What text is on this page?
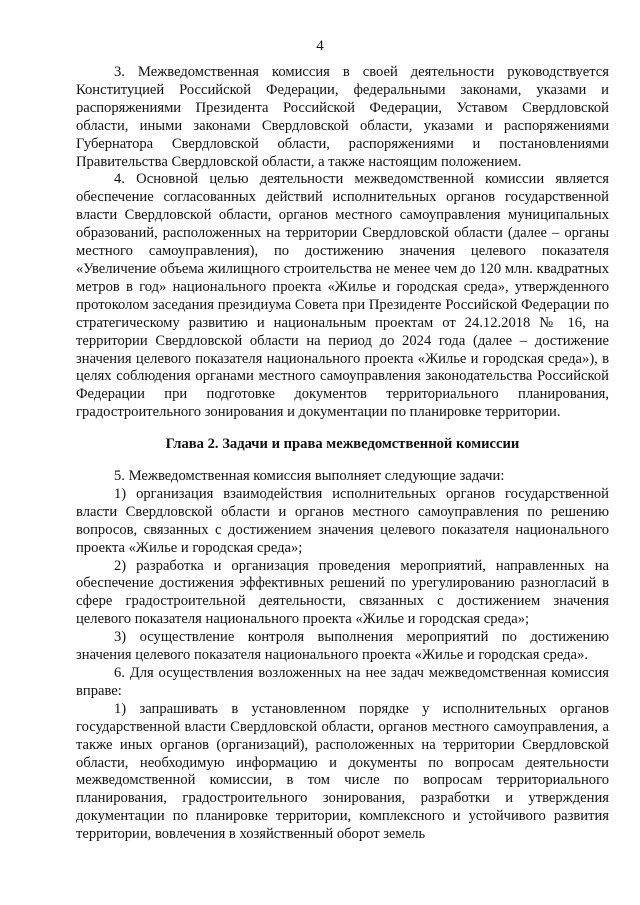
4

3. Межведомственная комиссия в своей деятельности руководствуется Конституцией Российской Федерации, федеральными законами, указами и распоряжениями Президента Российской Федерации, Уставом Свердловской области, иными законами Свердловской области, указами и распоряжениями Губернатора Свердловской области, распоряжениями и постановлениями Правительства Свердловской области, а также настоящим положением.

4. Основной целью деятельности межведомственной комиссии является обеспечение согласованных действий исполнительных органов государственной власти Свердловской области, органов местного самоуправления муниципальных образований, расположенных на территории Свердловской области (далее – органы местного самоуправления), по достижению значения целевого показателя «Увеличение объема жилищного строительства не менее чем до 120 млн. квадратных метров в год» национального проекта «Жилье и городская среда», утвержденного протоколом заседания президиума Совета при Президенте Российской Федерации по стратегическому развитию и национальным проектам от 24.12.2018 № 16, на территории Свердловской области на период до 2024 года (далее – достижение значения целевого показателя национального проекта «Жилье и городская среда»), в целях соблюдения органами местного самоуправления законодательства Российской Федерации при подготовке документов территориального планирования, градостроительного зонирования и документации по планировке территории.

Глава 2. Задачи и права межведомственной комиссии

5. Межведомственная комиссия выполняет следующие задачи:

1) организация взаимодействия исполнительных органов государственной власти Свердловской области и органов местного самоуправления по решению вопросов, связанных с достижением значения целевого показателя национального проекта «Жилье и городская среда»;

2) разработка и организация проведения мероприятий, направленных на обеспечение достижения эффективных решений по урегулированию разногласий в сфере градостроительной деятельности, связанных с достижением значения целевого показателя национального проекта «Жилье и городская среда»;

3) осуществление контроля выполнения мероприятий по достижению значения целевого показателя национального проекта «Жилье и городская среда».

6. Для осуществления возложенных на нее задач межведомственная комиссия вправе:

1) запрашивать в установленном порядке у исполнительных органов государственной власти Свердловской области, органов местного самоуправления, а также иных органов (организаций), расположенных на территории Свердловской области, необходимую информацию и документы по вопросам деятельности межведомственной комиссии, в том числе по вопросам территориального планирования, градостроительного зонирования, разработки и утверждения документации по планировке территории, комплексного и устойчивого развития территории, вовлечения в хозяйственный оборот земель
